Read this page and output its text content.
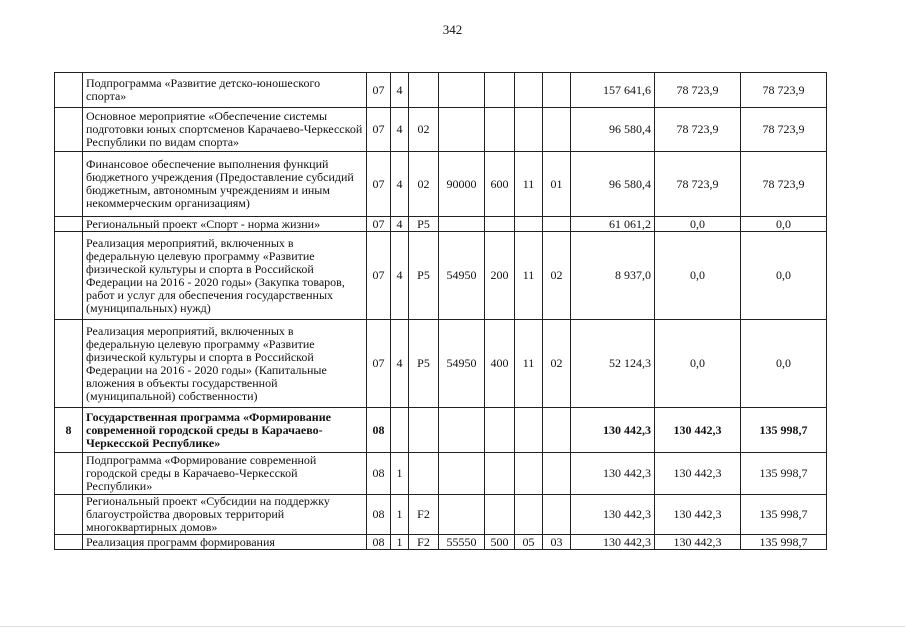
342
	Подпрограмма «Развитие детско-юношеского спорта»	07	4						157 641,6	78 723,9	78 723,9
	Основное мероприятие «Обеспечение системы подготовки юных спортсменов Карачаево-Черкесской Республики по видам спорта»	07	4	02					96 580,4	78 723,9	78 723,9
	Финансовое обеспечение выполнения функций бюджетного учреждения (Предоставление субсидий бюджетным, автономным учреждениям и иным некоммерческим организациям)	07	4	02	90000	600	11	01	96 580,4	78 723,9	78 723,9
	Региональный проект «Спорт - норма жизни»	07	4	P5					61 061,2	0,0	0,0
	Реализация мероприятий, включенных в федеральную целевую программу «Развитие физической культуры и спорта в Российской Федерации на 2016 - 2020 годы» (Закупка товаров, работ и услуг для обеспечения государственных (муниципальных) нужд)	07	4	P5	54950	200	11	02	8 937,0	0,0	0,0
	Реализация мероприятий, включенных в федеральную целевую программу «Развитие физической культуры и спорта в Российской Федерации на 2016 - 2020 годы» (Капитальные вложения в объекты государственной (муниципальной) собственности)	07	4	P5	54950	400	11	02	52 124,3	0,0	0,0
8	Государственная программа «Формирование современной городской среды в Карачаево-Черкесской Республике»	08							130 442,3	130 442,3	135 998,7
	Подпрограмма «Формирование современной городской среды в Карачаево-Черкесской Республики»	08	1						130 442,3	130 442,3	135 998,7
	Региональный проект «Субсидии на поддержку благоустройства дворовых территорий многоквартирных домов»	08	1	F2					130 442,3	130 442,3	135 998,7
	Реализация программ формирования	08	1	F2	55550	500	05	03	130 442,3	130 442,3	135 998,7
